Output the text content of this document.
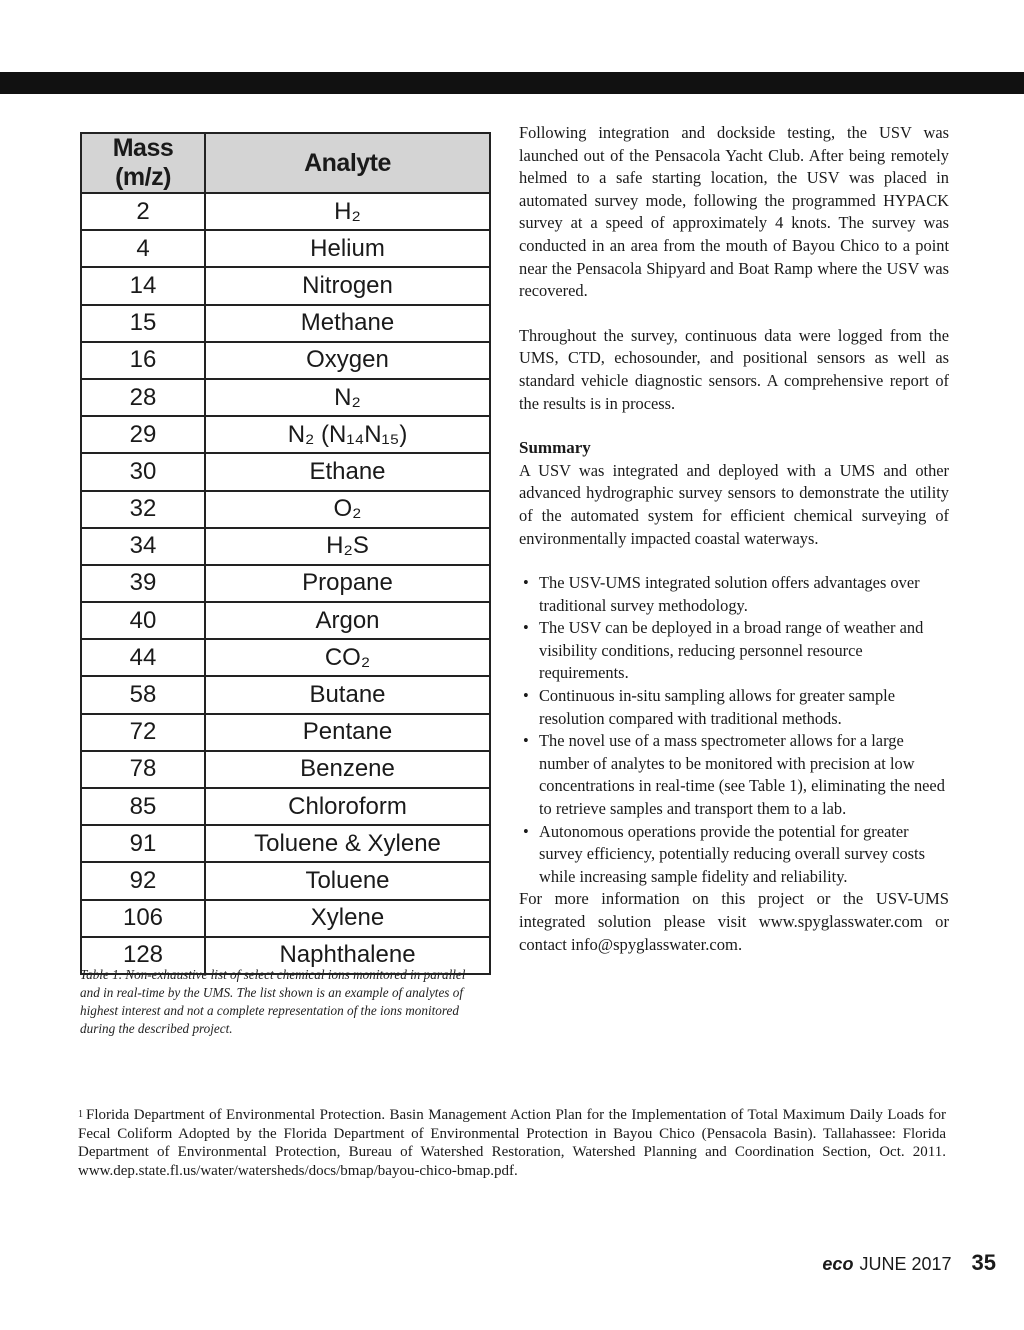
Mass (m/z)	Analyte
2	H₂
4	Helium
14	Nitrogen
15	Methane
16	Oxygen
28	N₂
29	N₂ (N₁₄N₁₅)
30	Ethane
32	O₂
34	H₂S
39	Propane
40	Argon
44	CO₂
58	Butane
72	Pentane
78	Benzene
85	Chloroform
91	Toluene & Xylene
92	Toluene
106	Xylene
128	Naphthalene
Table 1. Non-exhaustive list of select chemical ions monitored in parallel and in real-time by the UMS. The list shown is an example of analytes of highest interest and not a complete representation of the ions monitored during the described project.

Following integration and dockside testing, the USV was launched out of the Pensacola Yacht Club. After being remotely helmed to a safe starting location, the USV was placed in automated survey mode, following the programmed HYPACK survey at a speed of approximately 4 knots. The survey was conducted in an area from the mouth of Bayou Chico to a point near the Pensacola Shipyard and Boat Ramp where the USV was recovered.

Throughout the survey, continuous data were logged from the UMS, CTD, echosounder, and positional sensors as well as standard vehicle diagnostic sensors. A comprehensive report of the results is in process.

Summary

A USV was integrated and deployed with a UMS and other advanced hydrographic survey sensors to demonstrate the utility of the automated system for efficient chemical surveying of environmentally impacted coastal waterways.

• The USV-UMS integrated solution offers advantages over traditional survey methodology.
• The USV can be deployed in a broad range of weather and visibility conditions, reducing personnel resource requirements.
• Continuous in-situ sampling allows for greater sample resolution compared with traditional methods.
• The novel use of a mass spectrometer allows for a large number of analytes to be monitored with precision at low concentrations in real-time (see Table 1), eliminating the need to retrieve samples and transport them to a lab.
• Autonomous operations provide the potential for greater survey efficiency, potentially reducing overall survey costs while increasing sample fidelity and reliability.

For more information on this project or the USV-UMS integrated solution please visit www.spyglasswater.com or contact info@spyglasswater.com.

$^1$ Florida Department of Environmental Protection. Basin Management Action Plan for the Implementation of Total Maximum Daily Loads for Fecal Coliform Adopted by the Florida Department of Environmental Protection in Bayou Chico (Pensacola Basin). Tallahassee: Florida Department of Environmental Protection, Bureau of Watershed Restoration, Watershed Planning and Coordination Section, Oct. 2011. www.dep.state.fl.us/water/watersheds/docs/bmap/bayou-chico-bmap.pdf.
eco JUNE 2017 35
